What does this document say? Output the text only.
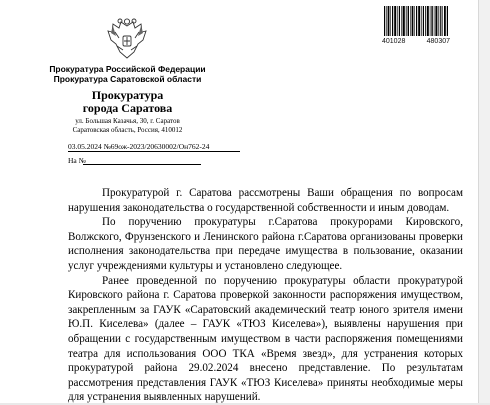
401028	480307
Прокуратура Российской Федерации
Прокуратура Саратовской области
Прокуратура
города Саратова
ул. Большая Казачья, 30, г. Саратов
Саратовская область, Россия, 410012
03.05.2024 №69ож-2023/20630002/Он762-24
На №

Прокуратурой г. Саратова рассмотрены Ваши обращения по вопросам нарушения законодательства о государственной собственности и иным доводам.

По поручению прокуратуры г.Саратова прокурорами Кировского, Волжского, Фрунзенского и Ленинского района г.Саратова организованы проверки исполнения законодательства при передаче имущества в пользование, оказании услуг учреждениями культуры и установлено следующее.

Ранее проведенной по поручению прокуратуры области прокуратурой Кировского района г. Саратова проверкой законности распоряжения имуществом, закрепленным за ГАУК «Саратовский академический театр юного зрителя имени Ю.П. Киселева» (далее – ГАУК «ТЮЗ Киселева»), выявлены нарушения при обращении с государственным имуществом в части распоряжения помещениями театра для использования ООО ТКА «Время звезд», для устранения которых прокуратурой района 29.02.2024 внесено представление. По результатам рассмотрения представления ГАУК «ТЮЗ Киселева» приняты необходимые меры для устранения выявленных нарушений.
